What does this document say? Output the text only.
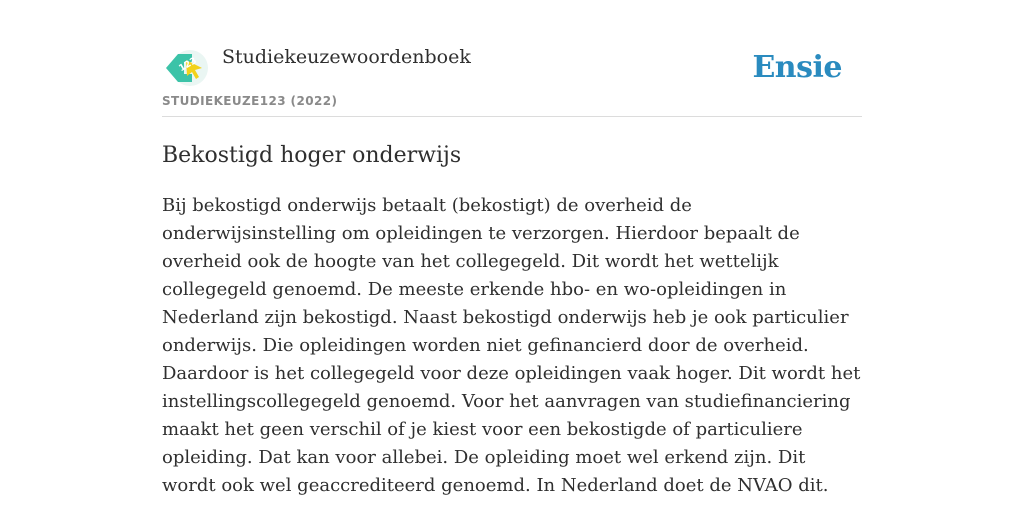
123 Studiekeuzewoordenboek
STUDIEKEUZE123 (2022)
Ensie
Bekostigd hoger onderwijs

Bij bekostigd onderwijs betaalt (bekostigt) de overheid de onderwijsinstelling om opleidingen te verzorgen. Hierdoor bepaalt de overheid ook de hoogte van het collegegeld. Dit wordt het wettelijk collegegeld genoemd. De meeste erkende hbo- en wo-opleidingen in Nederland zijn bekostigd. Naast bekostigd onderwijs heb je ook particulier onderwijs. Die opleidingen worden niet gefinancierd door de overheid. Daardoor is het collegegeld voor deze opleidingen vaak hoger. Dit wordt het instellingscollegegeld genoemd. Voor het aanvragen van studiefinanciering maakt het geen verschil of je kiest voor een bekostigde of particuliere opleiding. Dat kan voor allebei. De opleiding moet wel erkend zijn. Dit wordt ook wel geaccrediteerd genoemd. In Nederland doet de NVAO dit.
